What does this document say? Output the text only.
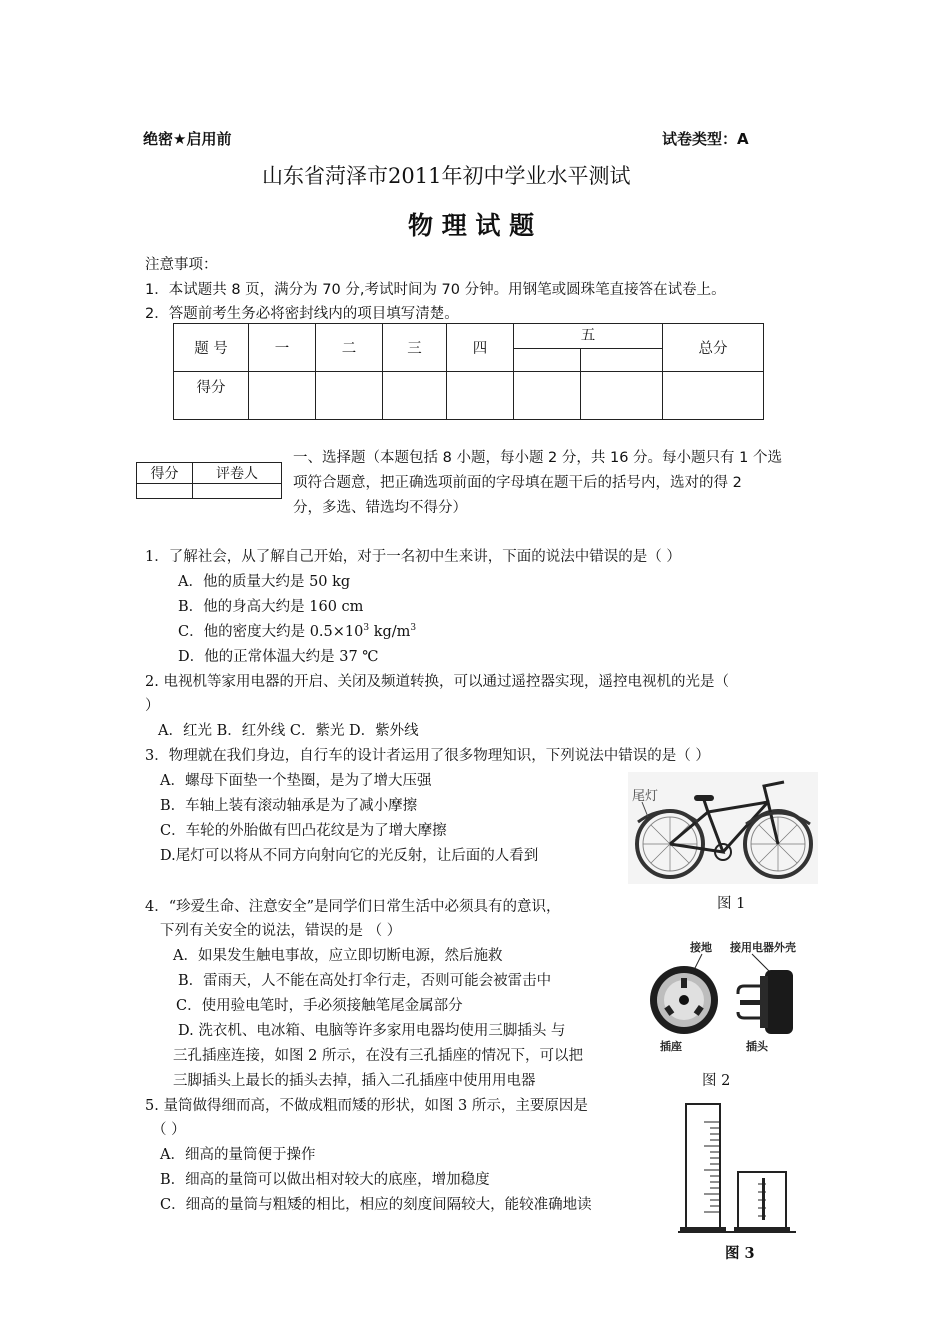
绝密★启用前	试卷类型：A
山东省菏泽市2011年初中学业水平测试
物 理 试 题
注意事项：
1．本试题共 8 页，满分为 70 分,考试时间为 70 分钟。用钢笔或圆珠笔直接答在试卷上。
2．答题前考生务必将密封线内的项目填写清楚。
题 号	一	二	三	四	五		总分
得分							
得分	评卷人

一、选择题（本题包括 8 小题，每小题 2 分，共 16 分。每小题只有 1 个选
项符合题意，把正确选项前面的字母填在题干后的括号内，选对的得 2
分，多选、错选均不得分）
1．了解社会，从了解自己开始，对于一名初中生来讲，下面的说法中错误的是（ ）
A．他的质量大约是 50 kg
B．他的身高大约是 160 cm
C．他的密度大约是 $0.5\times 10^3$ $kg/m^3$
D．他的正常体温大约是 37 ℃
2. 电视机等家用电器的开启、关闭及频道转换，可以通过遥控器实现，遥控电视机的光是（
）
A．红光 B．红外线 C．紫光 D．紫外线
3．物理就在我们身边，自行车的设计者运用了很多物理知识，下列说法中错误的是（ ）
A．螺母下面垫一个垫圈，是为了增大压强
B．车轴上装有滚动轴承是为了减小摩擦
C．车轮的外胎做有凹凸花纹是为了增大摩擦
D.尾灯可以将从不同方向射向它的光反射，让后面的人看到
尾灯
图 1
4．“珍爱生命、注意安全”是同学们日常生活中必须具有的意识，
下列有关安全的说法，错误的是 （ ）
A．如果发生触电事故，应立即切断电源，然后施救
B．雷雨天，人不能在高处打伞行走，否则可能会被雷击中
C．使用验电笔时，手必须接触笔尾金属部分
D. 洗衣机、电冰箱、电脑等许多家用电器均使用三脚插头 与
三孔插座连接，如图 2 所示，在没有三孔插座的情况下，可以把
三脚插头上最长的插头去掉，插入二孔插座中使用用电器
接地 接用电器外壳
插座	插头
图 2
5. 量筒做得细而高，不做成粗而矮的形状，如图 3 所示，主要原因是
（ ）
A．细高的量筒便于操作
B．细高的量筒可以做出相对较大的底座，增加稳度
C．细高的量筒与粗矮的相比，相应的刻度间隔较大，能较准确地读
图 3
